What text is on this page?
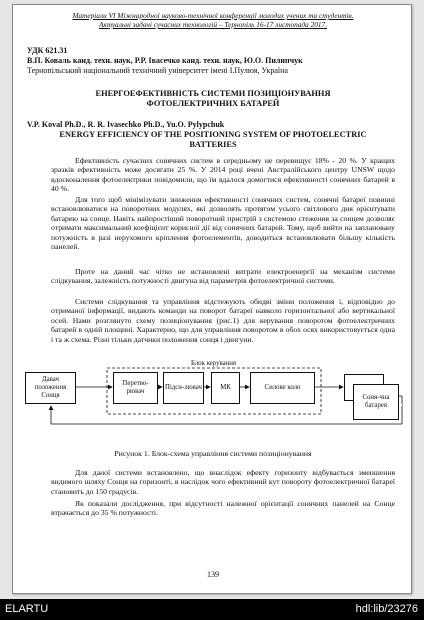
Матеріали VI Міжнародної науково-технічної конференції молодих учених та студентів.
Актуальні задачі сучасних технологій – Тернопіль 16-17 листопада 2017.
УДК 621.31
В.П. Коваль канд. техн. наук, Р.Р. Івасечко канд. техн. наук, Ю.О. Пилипчук
Тернопільський національний технічний університет імені І.Пулюя, Україна
ЕНЕРГОЕФЕКТИВНІСТЬ СИСТЕМИ ПОЗИЦІОНУВАННЯ
ФОТОЕЛЕКТРИЧНИХ БАТАРЕЙ
V.P. Koval Ph.D., R. R. Ivasechko Ph.D., Yu.O. Pylypchuk
ENERGY EFFICIENCY OF THE POSITIONING SYSTEM OF PHOTOELECTRIC
BATTERIES

Ефективність сучасних сонячних систем в середньому не перевищує 18% - 20 %. У кращих зразків ефективність може досягати 25 %. У 2014 році вчені Австралійського центру UNSW щодо вдосконалення фотоелектрики повідомили, що їм вдалося домогтися ефективності сонячних батарей в 40 %.

Для того щоб мінімізувати зниження ефективності сонячних систем, сонячні батареї повинні встановлюватися на поворотних модулях, які дозволять протягом усього світлового дня орієнтувати батарею на сонце. Навіть найпростіший поворотний пристрій з системою стеження за сонцем дозволяє отримати максимальний коефіцієнт корисної дії від сонячних батарей. Тому, щоб вийти на заплановану потужність в разі нерухомого кріплення фотоелементів, доводиться встановлювати більшу кількість панелей.

Проте на даний час чітко не встановлені витрати електроенергії на механізм системи слідкування, залежність потужності двигуна від параметрів фотоелектричної системи.

Системи слідкування та управління відстежують обидві зміни положення і, відповідно до отриманої інформації, видають команди на поворот батареї навколо горизонтальної або вертикальної осей. Нами розглянуто схему позиціонування (рис.1) для керування поворотом фотоелектричних батарей в одній площині. Характерно, що для управління поворотом в обох осях використовується одна і та ж схема. Різні тільки датчики положення сонця і двигуни.

Блок керування
Давач положення Сонця
Перетво-рювач
Підси-лювач	МК	Силове коло
Соня-чна батарея
Рисунок 1. Блок-схема управління системи позиціонування

Для даної системи встановлено, що внаслідок ефекту горизонту відбувається зменшення видимого шляху Сонця на горизонті, в наслідок чого ефективний кут повороту фотоелектричної батареї становить до 150 градусів.

Як показали дослідження, при відсутності належної орієнтації сонячних панелей на Сонце втрачається до 35 % потужності.

139
ELARTU	hdl:lib/23276
